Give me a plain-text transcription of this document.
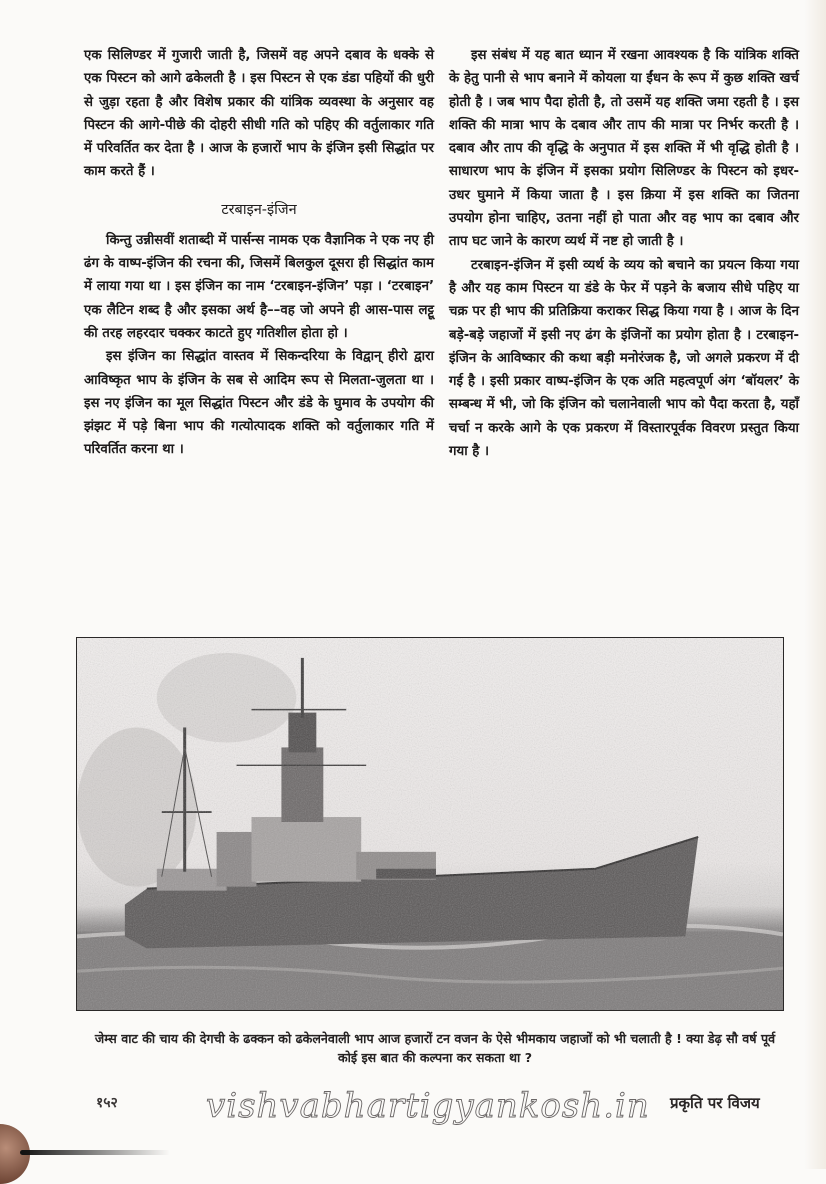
एक सिलिण्डर में गुजारी जाती है, जिसमें वह अपने दबाव के धक्के से एक पिस्टन को आगे ढकेलती है । इस पिस्टन से एक डंडा पहियों की धुरी से जुड़ा रहता है और विशेष प्रकार की यांत्रिक व्यवस्था के अनुसार वह पिस्टन की आगे-पीछे की दोहरी सीधी गति को पहिए की वर्तुलाकार गति में परिवर्तित कर देता है । आज के हजारों भाप के इंजिन इसी सिद्धांत पर काम करते हैं ।

टरबाइन-इंजिन

किन्तु उन्नीसवीं शताब्दी में पार्सन्स नामक एक वैज्ञानिक ने एक नए ही ढंग के वाष्प-इंजिन की रचना की, जिसमें बिलकुल दूसरा ही सिद्धांत काम में लाया गया था । इस इंजिन का नाम ‘टरबाइन-इंजिन’ पड़ा । ‘टरबाइन’ एक लैटिन शब्द है और इसका अर्थ है––वह जो अपने ही आस-पास लट्टू की तरह लहरदार चक्कर काटते हुए गतिशील होता हो ।

इस इंजिन का सिद्धांत वास्तव में सिकन्दरिया के विद्वान् हीरो द्वारा आविष्कृत भाप के इंजिन के सब से आदिम रूप से मिलता-जुलता था । इस नए इंजिन का मूल सिद्धांत पिस्टन और डंडे के घुमाव के उपयोग की झंझट में पड़े बिना भाप की गत्योत्पादक शक्ति को वर्तुलाकार गति में परिवर्तित करना था ।

इस संबंध में यह बात ध्यान में रखना आवश्यक है कि यांत्रिक शक्ति के हेतु पानी से भाप बनाने में कोयला या ईंधन के रूप में कुछ शक्ति खर्च होती है । जब भाप पैदा होती है, तो उसमें यह शक्ति जमा रहती है । इस शक्ति की मात्रा भाप के दबाव और ताप की मात्रा पर निर्भर करती है । दबाव और ताप की वृद्धि के अनुपात में इस शक्ति में भी वृद्धि होती है । साधारण भाप के इंजिन में इसका प्रयोग सिलिण्डर के पिस्टन को इधर-उधर घुमाने में किया जाता है । इस क्रिया में इस शक्ति का जितना उपयोग होना चाहिए, उतना नहीं हो पाता और वह भाप का दबाव और ताप घट जाने के कारण व्यर्थ में नष्ट हो जाती है ।

टरबाइन-इंजिन में इसी व्यर्थ के व्यय को बचाने का प्रयत्न किया गया है और यह काम पिस्टन या डंडे के फेर में पड़ने के बजाय सीधे पहिए या चक्र पर ही भाप की प्रतिक्रिया कराकर सिद्ध किया गया है । आज के दिन बड़े-बड़े जहाजों में इसी नए ढंग के इंजिनों का प्रयोग होता है । टरबाइन-इंजिन के आविष्कार की कथा बड़ी मनोरंजक है, जो अगले प्रकरण में दी गई है । इसी प्रकार वाष्प-इंजिन के एक अति महत्वपूर्ण अंग ‘बॉयलर’ के सम्बन्ध में भी, जो कि इंजिन को चलानेवाली भाप को पैदा करता है, यहाँ चर्चा न करके आगे के एक प्रकरण में विस्तारपूर्वक विवरण प्रस्तुत किया गया है ।

जेम्स वाट की चाय की देगची के ढक्कन को ढकेलनेवाली भाप आज हजारों टन वजन के ऐसे भीमकाय जहाजों को भी चलाती है ! क्या डेढ़ सौ वर्ष पूर्व कोई इस बात की कल्पना कर सकता था ?
१५२	vishvabhartigyankosh.in प्रकृति पर विजय
